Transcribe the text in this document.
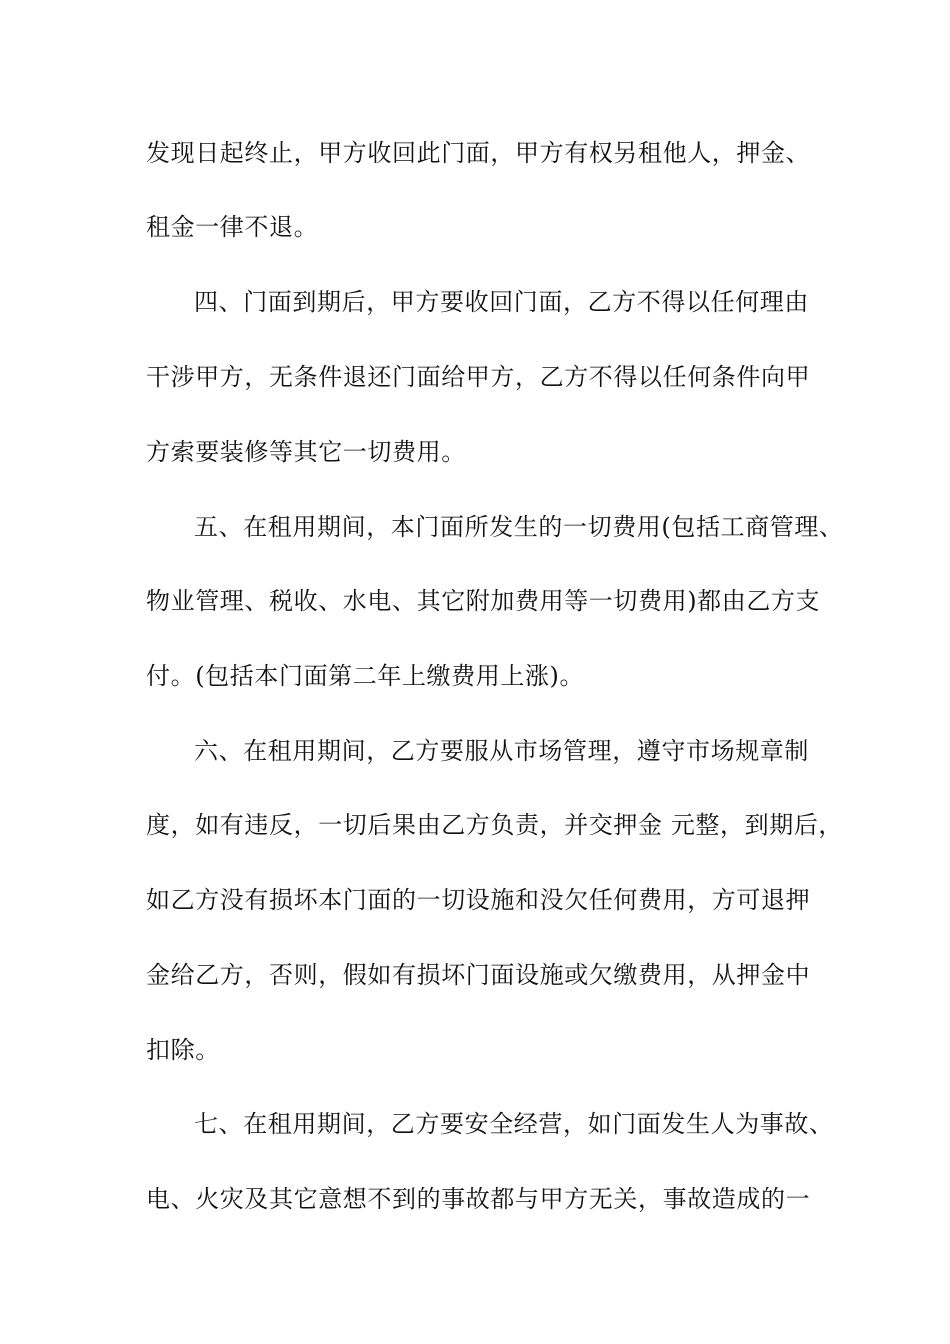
发现日起终止，甲方收回此门面，甲方有权另租他人，押金、
租金一律不退。
四、门面到期后，甲方要收回门面，乙方不得以任何理由
干涉甲方，无条件退还门面给甲方，乙方不得以任何条件向甲
方索要装修等其它一切费用。
五、在租用期间，本门面所发生的一切费用(包括工商管理、
物业管理、税收、水电、其它附加费用等一切费用)都由乙方支
付。(包括本门面第二年上缴费用上涨)。
六、在租用期间，乙方要服从市场管理，遵守市场规章制
度，如有违反，一切后果由乙方负责，并交押金 元整，到期后，
如乙方没有损坏本门面的一切设施和没欠任何费用，方可退押
金给乙方，否则，假如有损坏门面设施或欠缴费用，从押金中
扣除。
七、在租用期间，乙方要安全经营，如门面发生人为事故、
电、火灾及其它意想不到的事故都与甲方无关，事故造成的一
